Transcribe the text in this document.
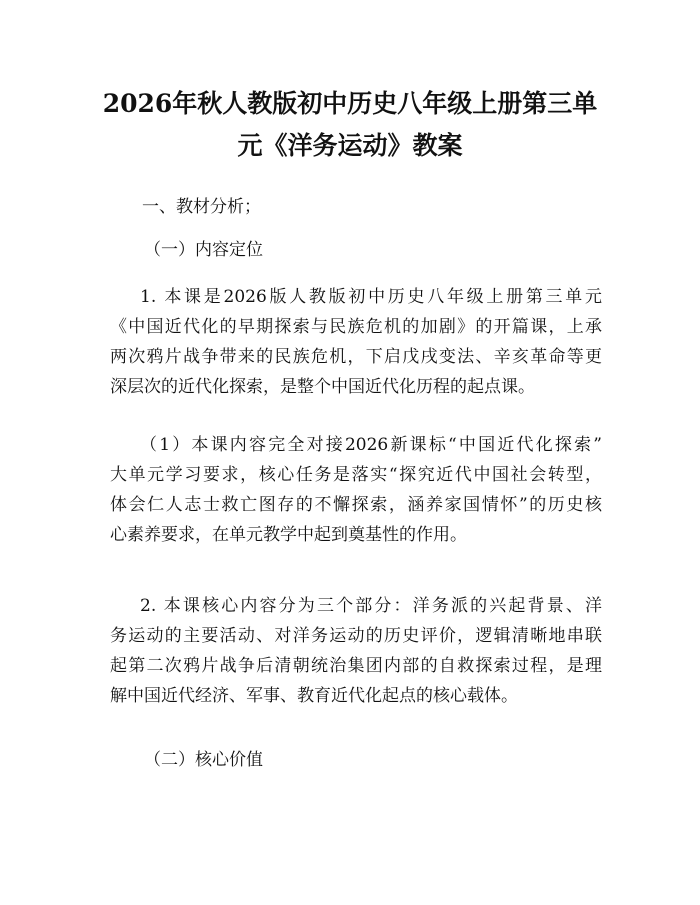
2026年秋人教版初中历史八年级上册第三单
元《洋务运动》教案
一、教材分析；
（一）内容定位
1. 本课是2026版人教版初中历史八年级上册第三单元
《中国近代化的早期探索与民族危机的加剧》的开篇课，上承
两次鸦片战争带来的民族危机，下启戊戌变法、辛亥革命等更
深层次的近代化探索，是整个中国近代化历程的起点课。
（1）本课内容完全对接2026新课标“中国近代化探索”
大单元学习要求，核心任务是落实“探究近代中国社会转型，
体会仁人志士救亡图存的不懈探索，涵养家国情怀”的历史核
心素养要求，在单元教学中起到奠基性的作用。
2. 本课核心内容分为三个部分：洋务派的兴起背景、洋
务运动的主要活动、对洋务运动的历史评价，逻辑清晰地串联
起第二次鸦片战争后清朝统治集团内部的自救探索过程，是理
解中国近代经济、军事、教育近代化起点的核心载体。
（二）核心价值
